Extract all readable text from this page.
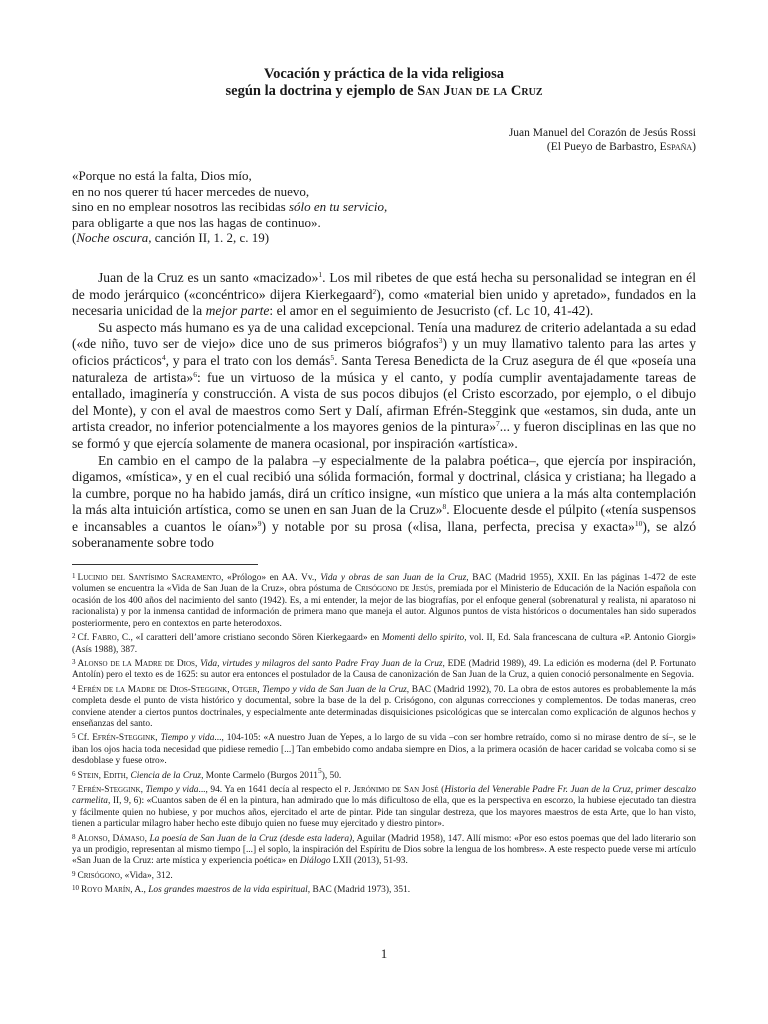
Vocación y práctica de la vida religiosa
según la doctrina y ejemplo de San Juan de la Cruz
Juan Manuel del Corazón de Jesús Rossi
(El Pueyo de Barbastro, España)
«Porque no está la falta, Dios mío,
en no nos querer tú hacer mercedes de nuevo,
sino en no emplear nosotros las recibidas sólo en tu servicio,
para obligarte a que nos las hagas de continuo».
(Noche oscura, canción II, 1. 2, c. 19)

Juan de la Cruz es un santo «macizado»$^1$. Los mil ribetes de que está hecha su personalidad se integran en él de modo jerárquico («concéntrico» dijera Kierkegaard$^2$), como «material bien unido y apretado», fundados en la necesaria unicidad de la mejor parte: el amor en el seguimiento de Jesucristo (cf. Lc 10, 41-42).

Su aspecto más humano es ya de una calidad excepcional. Tenía una madurez de criterio adelantada a su edad («de niño, tuvo ser de viejo» dice uno de sus primeros biógrafos$^3$) y un muy llamativo talento para las artes y oficios prácticos$^4$, y para el trato con los demás$^5$. Santa Teresa Benedicta de la Cruz asegura de él que «poseía una naturaleza de artista»$^6$: fue un virtuoso de la música y el canto, y podía cumplir aventajadamente tareas de entallado, imaginería y construcción. A vista de sus pocos dibujos (el Cristo escorzado, por ejemplo, o el dibujo del Monte), y con el aval de maestros como Sert y Dalí, afirman Efrén-Steggink que «estamos, sin duda, ante un artista creador, no inferior potencialmente a los mayores genios de la pintura»$^7$... y fueron disciplinas en las que no se formó y que ejercía solamente de manera ocasional, por inspiración «artística».

En cambio en el campo de la palabra –y especialmente de la palabra poética–, que ejercía por inspiración, digamos, «mística», y en el cual recibió una sólida formación, formal y doctrinal, clásica y cristiana; ha llegado a la cumbre, porque no ha habido jamás, dirá un crítico insigne, «un místico que uniera a la más alta contemplación la más alta intuición artística, como se unen en san Juan de la Cruz»$^8$. Elocuente desde el púlpito («tenía suspensos e incansables a cuantos le oían»$^9$) y notable por su prosa («lisa, llana, perfecta, precisa y exacta»$^{10}$), se alzó soberanamente sobre todo

$^1$ Lucinio del Santísimo Sacramento, «Prólogo» en AA. Vv., Vida y obras de san Juan de la Cruz, BAC (Madrid 1955), XXII. En las páginas 1-472 de este volumen se encuentra la «Vida de San Juan de la Cruz», obra póstuma de Crisógono de Jesús, premiada por el Ministerio de Educación de la Nación española con ocasión de los 400 años del nacimiento del santo (1942). Es, a mi entender, la mejor de las biografías, por el enfoque general (sobrenatural y realista, ni aparatoso ni racionalista) y por la inmensa cantidad de información de primera mano que maneja el autor. Algunos puntos de vista históricos o documentales han sido superados posteriormente, pero en contextos en parte heterodoxos.

$^2$ Cf. Fabro, C., «I caratteri dell’amore cristiano secondo Sören Kierkegaard» en Momenti dello spirito, vol. II, Ed. Sala francescana de cultura «P. Antonio Giorgi» (Asís 1988), 387.

$^3$ Alonso de la Madre de Dios, Vida, virtudes y milagros del santo Padre Fray Juan de la Cruz, EDE (Madrid 1989), 49. La edición es moderna (del P. Fortunato Antolín) pero el texto es de 1625: su autor era entonces el postulador de la Causa de canonización de San Juan de la Cruz, a quien conoció personalmente en Segovia.

$^4$ Efrén de la Madre de Dios-Steggink, Otger, Tiempo y vida de San Juan de la Cruz, BAC (Madrid 1992), 70. La obra de estos autores es probablemente la más completa desde el punto de vista histórico y documental, sobre la base de la del p. Crisógono, con algunas correcciones y complementos. De todas maneras, creo conviene atender a ciertos puntos doctrinales, y especialmente ante determinadas disquisiciones psicológicas que se intercalan como explicación de algunos hechos y enseñanzas del santo.

$^5$ Cf. Efrén-Steggink, Tiempo y vida..., 104-105: «A nuestro Juan de Yepes, a lo largo de su vida –con ser hombre retraído, como si no mirase dentro de sí–, se le iban los ojos hacia toda necesidad que pidiese remedio [...] Tan embebido como andaba siempre en Dios, a la primera ocasión de hacer caridad se volcaba como si se desdoblase y fuese otro».

$^6$ Stein, Edith, Ciencia de la Cruz, Monte Carmelo (Burgos 2011$^5$), 50.

$^7$ Efrén-Steggink, Tiempo y vida..., 94. Ya en 1641 decía al respecto el p. Jerónimo de San José (Historia del Venerable Padre Fr. Juan de la Cruz, primer descalzo carmelita, II, 9, 6): «Cuantos saben de él en la pintura, han admirado que lo más dificultoso de ella, que es la perspectiva en escorzo, la hubiese ejecutado tan diestra y fácilmente quien no hubiese, y por muchos años, ejercitado el arte de pintar. Pide tan singular destreza, que los mayores maestros de esta Arte, que lo han visto, tienen a particular milagro haber hecho este dibujo quien no fuese muy ejercitado y diestro pintor».

$^8$ Alonso, Dámaso, La poesía de San Juan de la Cruz (desde esta ladera), Aguilar (Madrid 1958), 147. Allí mismo: «Por eso estos poemas que del lado literario son ya un prodigio, representan al mismo tiempo [...] el soplo, la inspiración del Espíritu de Dios sobre la lengua de los hombres». A este respecto puede verse mi artículo «San Juan de la Cruz: arte mística y experiencia poética» en Diálogo LXII (2013), 51-93.

$^9$ Crisógono, «Vida», 312.

$^{10}$ Royo Marín, A., Los grandes maestros de la vida espiritual, BAC (Madrid 1973), 351.

1
